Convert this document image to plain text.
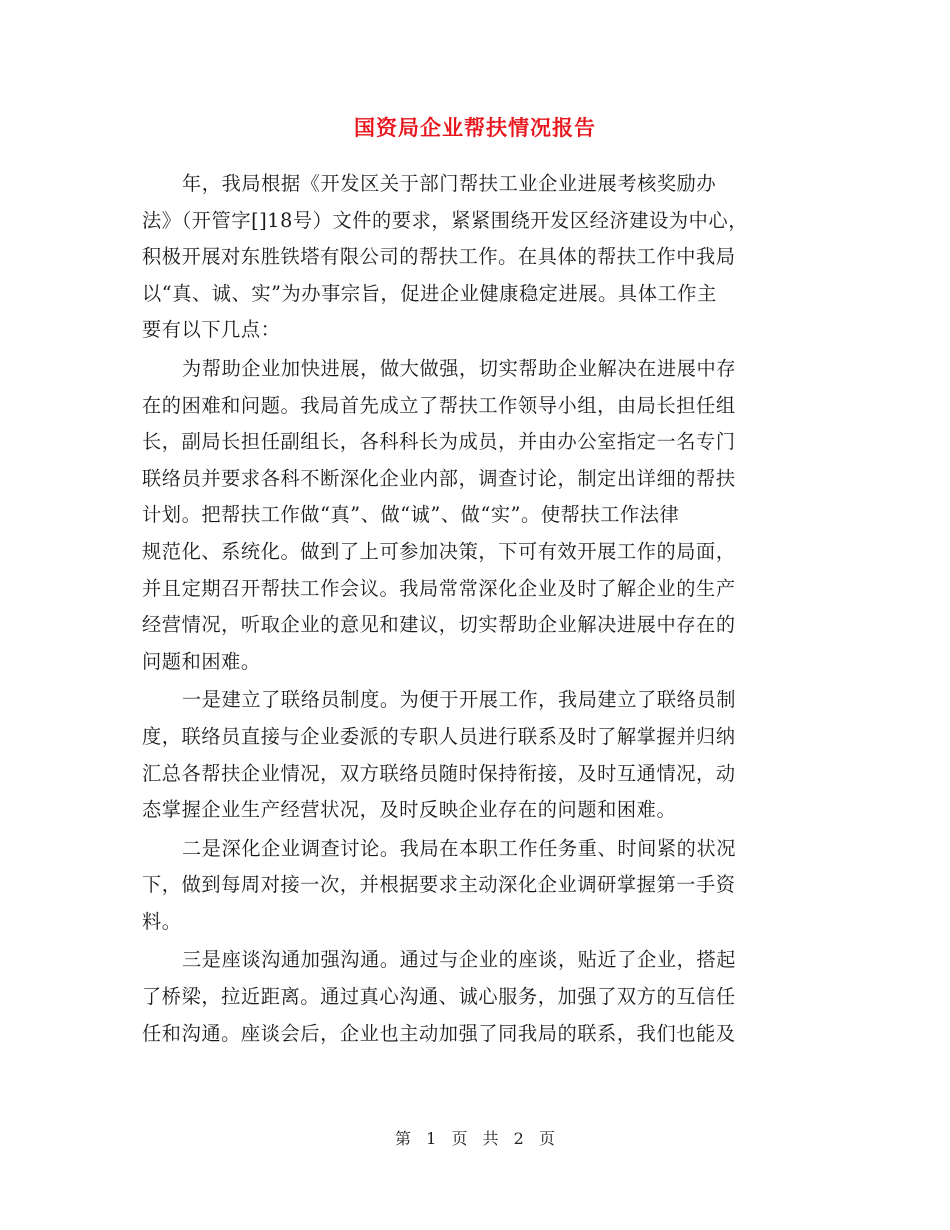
国资局企业帮扶情况报告

年，我局根据《开发区关于部门帮扶工业企业进展考核奖励办
法》（开管字[]18号）文件的要求，紧紧围绕开发区经济建设为中心，
积极开展对东胜铁塔有限公司的帮扶工作。在具体的帮扶工作中我局
以“真、诚、实”为办事宗旨，促进企业健康稳定进展。具体工作主
要有以下几点：

为帮助企业加快进展，做大做强，切实帮助企业解决在进展中存
在的困难和问题。我局首先成立了帮扶工作领导小组，由局长担任组
长，副局长担任副组长，各科科长为成员，并由办公室指定一名专门
联络员并要求各科不断深化企业内部，调查讨论，制定出详细的帮扶
计划。把帮扶工作做“真”、做“诚”、做“实”。使帮扶工作法律
规范化、系统化。做到了上可参加决策，下可有效开展工作的局面，
并且定期召开帮扶工作会议。我局常常深化企业及时了解企业的生产
经营情况，听取企业的意见和建议，切实帮助企业解决进展中存在的
问题和困难。

一是建立了联络员制度。为便于开展工作，我局建立了联络员制
度，联络员直接与企业委派的专职人员进行联系及时了解掌握并归纳
汇总各帮扶企业情况，双方联络员随时保持衔接，及时互通情况，动
态掌握企业生产经营状况，及时反映企业存在的问题和困难。

二是深化企业调查讨论。我局在本职工作任务重、时间紧的状况
下，做到每周对接一次，并根据要求主动深化企业调研掌握第一手资
料。

三是座谈沟通加强沟通。通过与企业的座谈，贴近了企业，搭起
了桥梁，拉近距离。通过真心沟通、诚心服务，加强了双方的互信任
任和沟通。座谈会后，企业也主动加强了同我局的联系，我们也能及

第 1 页 共 2 页
